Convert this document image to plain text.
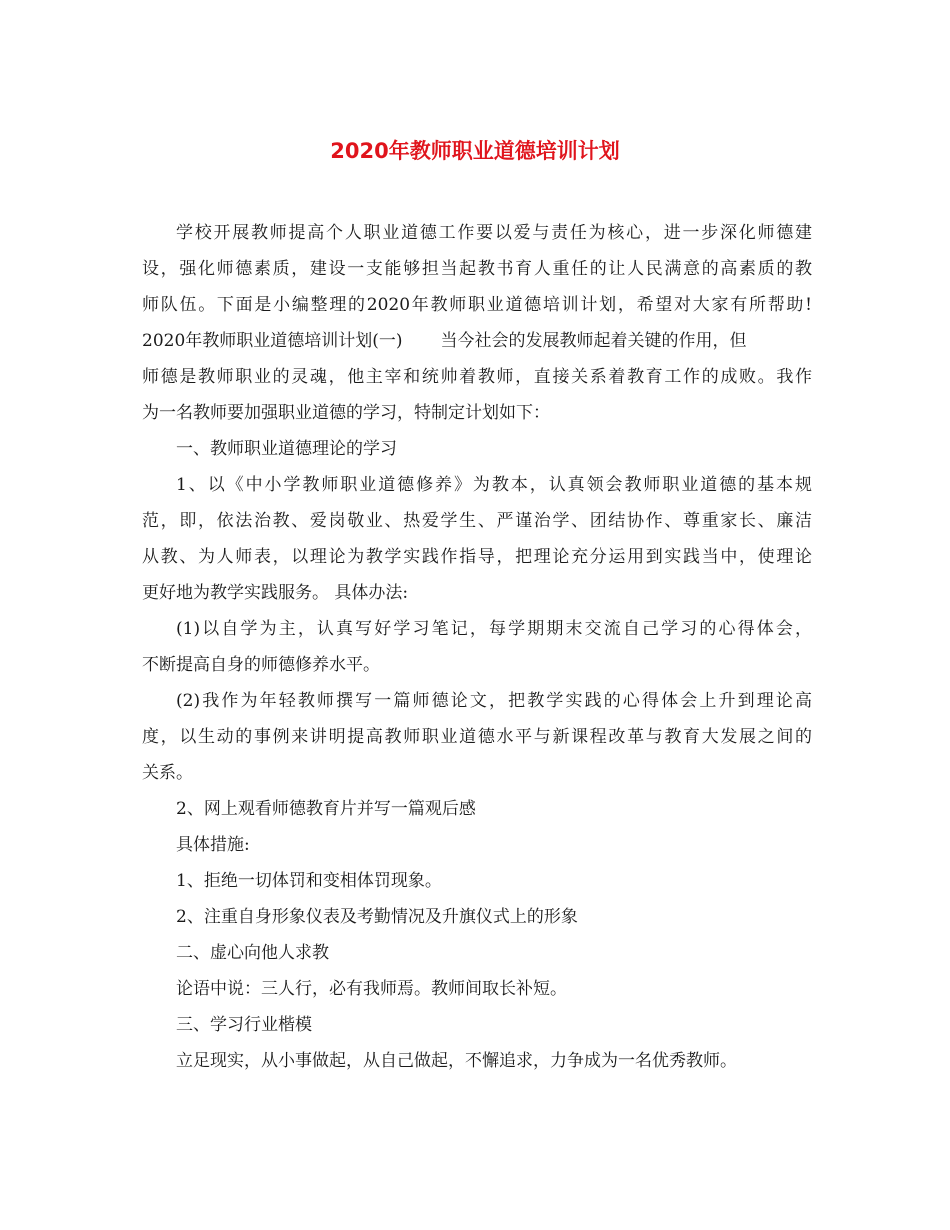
2020年教师职业道德培训计划
学校开展教师提高个人职业道德工作要以爱与责任为核心，进一步深化师德建
设，强化师德素质，建设一支能够担当起教书育人重任的让人民满意的高素质的教
师队伍。下面是小编整理的2020年教师职业道德培训计划，希望对大家有所帮助!
2020年教师职业道德培训计划(一) 当今社会的发展教师起着关键的作用，但
师德是教师职业的灵魂，他主宰和统帅着教师，直接关系着教育工作的成败。我作
为一名教师要加强职业道德的学习，特制定计划如下：
一、教师职业道德理论的学习
1、以《中小学教师职业道德修养》为教本，认真领会教师职业道德的基本规
范，即，依法治教、爱岗敬业、热爱学生、严谨治学、团结协作、尊重家长、廉洁
从教、为人师表，以理论为教学实践作指导，把理论充分运用到实践当中，使理论
更好地为教学实践服务。 具体办法:
(1)以自学为主，认真写好学习笔记，每学期期末交流自己学习的心得体会，
不断提高自身的师德修养水平。
(2)我作为年轻教师撰写一篇师德论文，把教学实践的心得体会上升到理论高
度，以生动的事例来讲明提高教师职业道德水平与新课程改革与教育大发展之间的
关系。
2、网上观看师德教育片并写一篇观后感
具体措施:
1、拒绝一切体罚和变相体罚现象。
2、注重自身形象仪表及考勤情况及升旗仪式上的形象
二、虚心向他人求教
论语中说：三人行，必有我师焉。教师间取长补短。
三、学习行业楷模
立足现实，从小事做起，从自己做起，不懈追求，力争成为一名优秀教师。
